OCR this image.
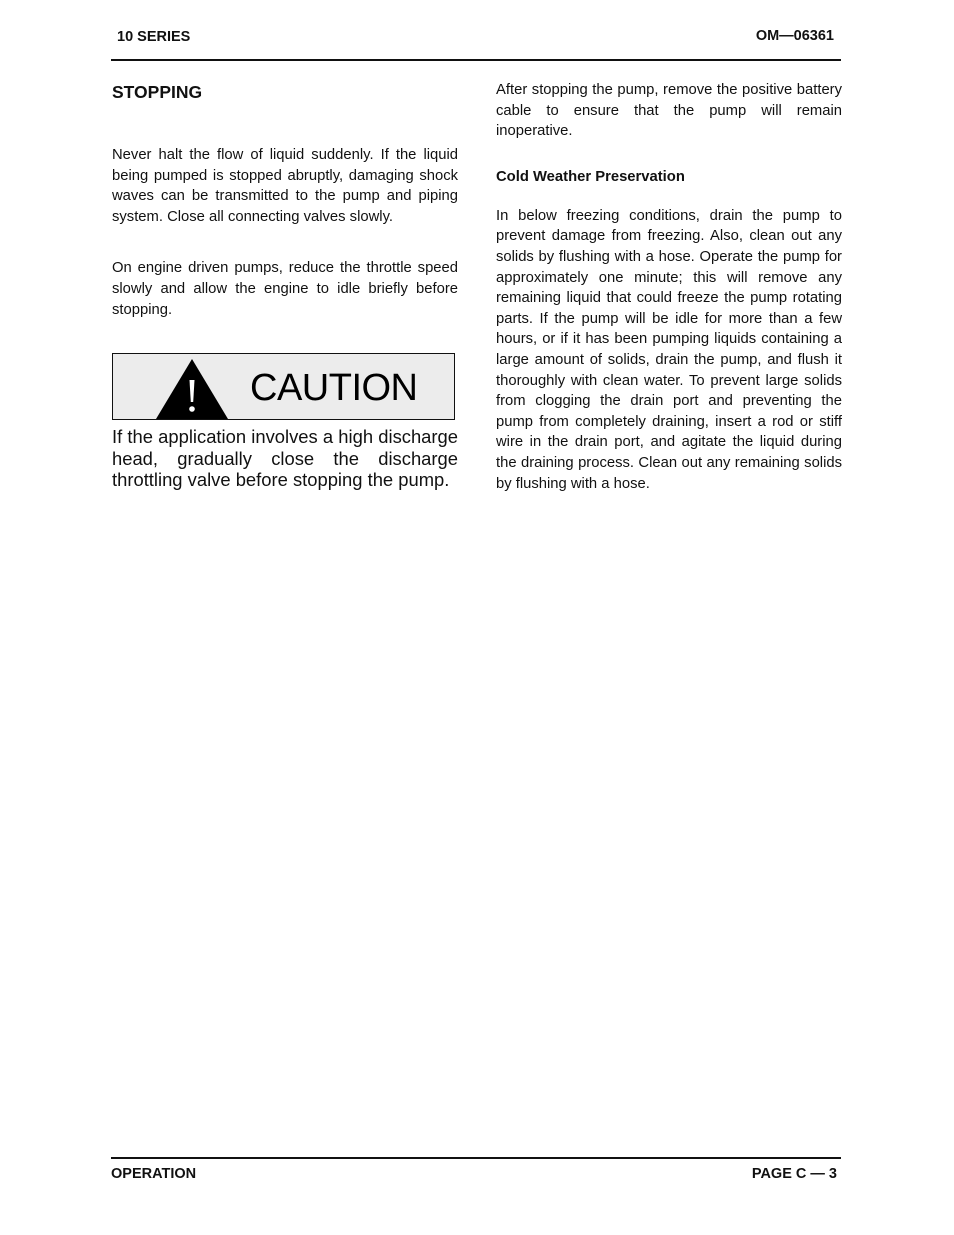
10 SERIES	OM—06361
STOPPING

Never halt the flow of liquid suddenly. If the liquid being pumped is stopped abruptly, damaging shock waves can be transmitted to the pump and piping system. Close all connecting valves slowly.

On engine driven pumps, reduce the throttle speed slowly and allow the engine to idle briefly before stopping.

CAUTION

If the application involves a high discharge head, gradually close the discharge throttling valve before stopping the pump.

After stopping the pump, remove the positive battery cable to ensure that the pump will remain inoperative.

Cold Weather Preservation

In below freezing conditions, drain the pump to prevent damage from freezing. Also, clean out any solids by flushing with a hose. Operate the pump for approximately one minute; this will remove any remaining liquid that could freeze the pump rotating parts. If the pump will be idle for more than a few hours, or if it has been pumping liquids containing a large amount of solids, drain the pump, and flush it thoroughly with clean water. To prevent large solids from clogging the drain port and preventing the pump from completely draining, insert a rod or stiff wire in the drain port, and agitate the liquid during the draining process. Clean out any remaining solids by flushing with a hose.

OPERATION	PAGE C — 3
